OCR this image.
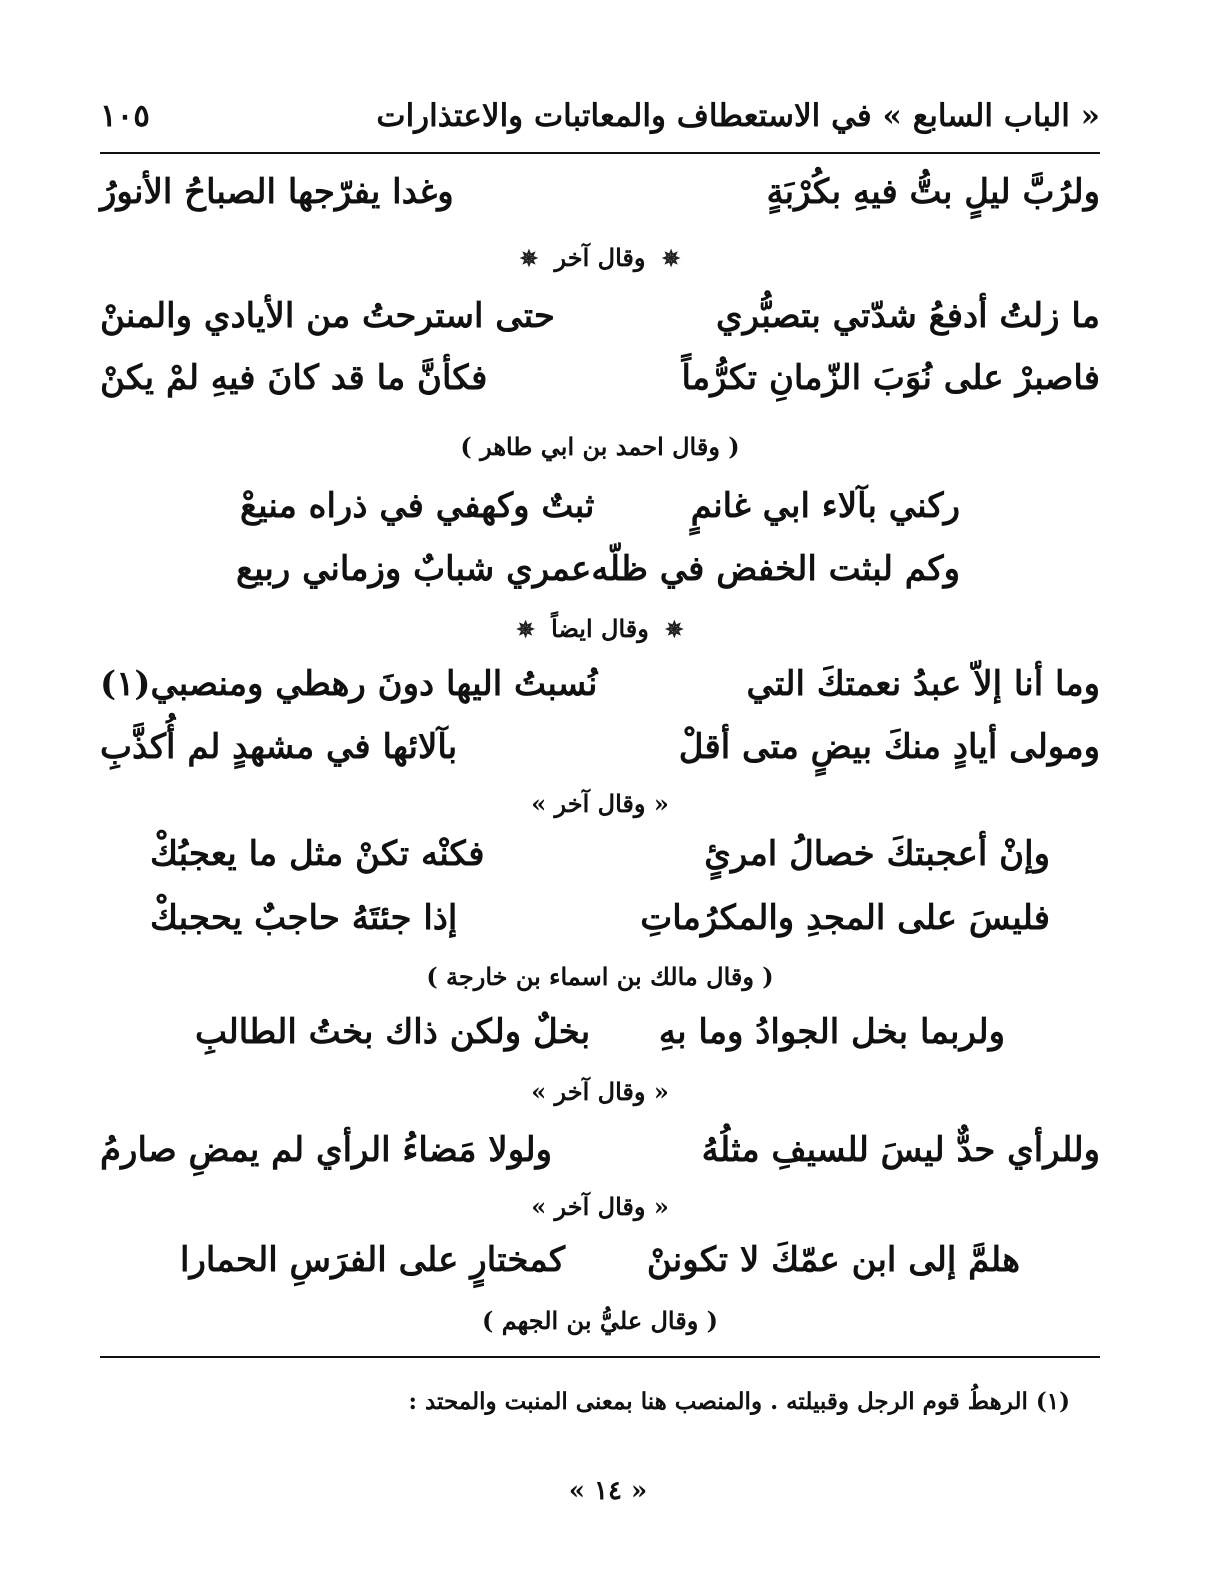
« الباب السابع » في الاستعطاف والمعاتبات والاعتذارات
١٠٥
ولرُبَّ ليلٍ بتُّ فيهِ بكُرْبَةٍ
وغدا يفرّجها الصباحُ الأنورُ
✵ وقال آخر ✵
ما زلتُ أدفعُ شدّتي بتصبُّري
حتى استرحتُ من الأيادي والمننْ
فاصبرْ على نُوَبَ الزّمانِ تكرُّماً
فكأنَّ ما قد كانَ فيهِ لمْ يكنْ
( وقال احمد بن ابي طاهر )
ركني بآلاء ابي غانمٍ
ثبتٌ وكهفي في ذراه منيعْ
وكم لبثت الخفض في ظلّه
عمري شبابٌ وزماني ربيع
✵ وقال ايضاً ✵
وما أنا إلاّ عبدُ نعمتكَ التي
نُسبتُ اليها دونَ رهطي ومنصبي(١)
ومولى أيادٍ منكَ بيضٍ متى أقلْ
بآلائها في مشهدٍ لم أُكذَّبِ
« وقال آخر »
وإنْ أعجبتكَ خصالُ امرئٍ
فكنْه تكنْ مثل ما يعجبُكْ
فليسَ على المجدِ والمكرُماتِ
إذا جئتَهُ حاجبٌ يحجبكْ
( وقال مالك بن اسماء بن خارجة )
ولربما بخل الجوادُ وما بهِ
بخلٌ ولكن ذاك بختُ الطالبِ
« وقال آخر »
وللرأي حدٌّ ليسَ للسيفِ مثلُهُ
ولولا مَضاءُ الرأي لم يمضِ صارمُ
« وقال آخر »
هلمَّ إلى ابن عمّكَ لا تكوننْ
كمختارٍ على الفرَسِ الحمارا
( وقال عليُّ بن الجهم )
(١) الرهطُ قوم الرجل وقبيلته . والمنصب هنا بمعنى المنبت والمحتد :
« ١٤ »
